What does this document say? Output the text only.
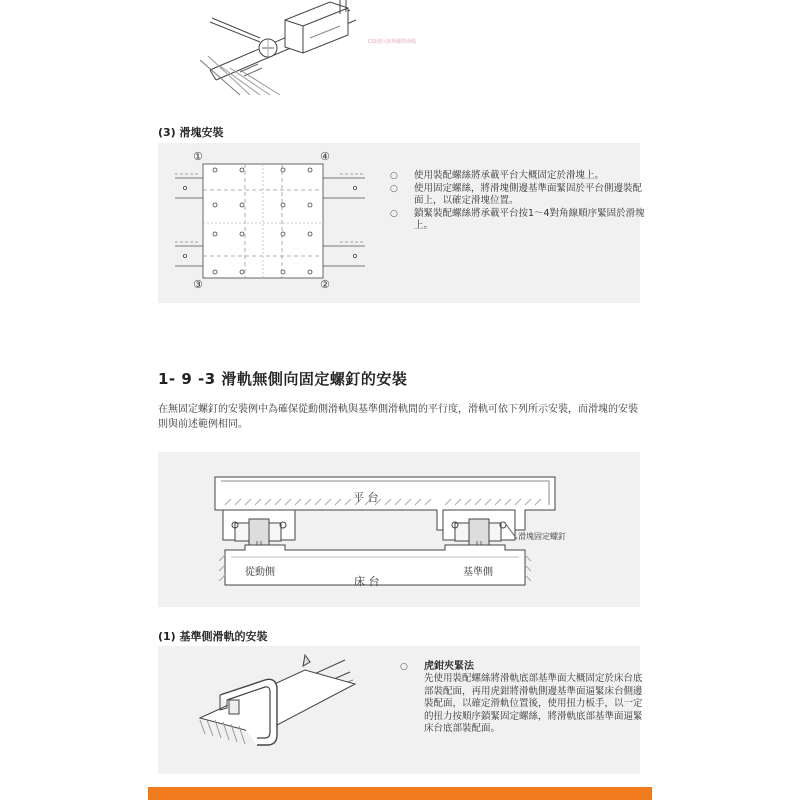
CSI鴻巨滾珠螺桿滑軌
(3) 滑塊安裝
①	④
③	②
○ 使用裝配螺絲將承載平台大概固定於滑塊上。
○ 使用固定螺絲，將滑塊側邊基準面緊固於平台側邊裝配面上，以確定滑塊位置。
○ 鎖緊裝配螺絲將承載平台按1～4對角線順序緊固於滑塊上。
1- 9 -3 滑軌無側向固定螺釘的安裝
在無固定螺釘的安裝例中為確保從動側滑軌與基準側滑軌間的平行度，滑軌可依下列所示安裝，而滑塊的安裝則與前述範例相同。
平 台
床 台
從動側	基準側
滑塊固定螺釘
(1) 基準側滑軌的安裝
○ 虎鉗夾緊法
先使用裝配螺絲將滑軌底部基準面大概固定於床台底部裝配面，再用虎鉗將滑軌側邊基準面逼緊床台側邊裝配面，以確定滑軌位置後，使用扭力板手，以一定的扭力按順序鎖緊固定螺絲，將滑軌底部基準面逼緊床台底部裝配面。
